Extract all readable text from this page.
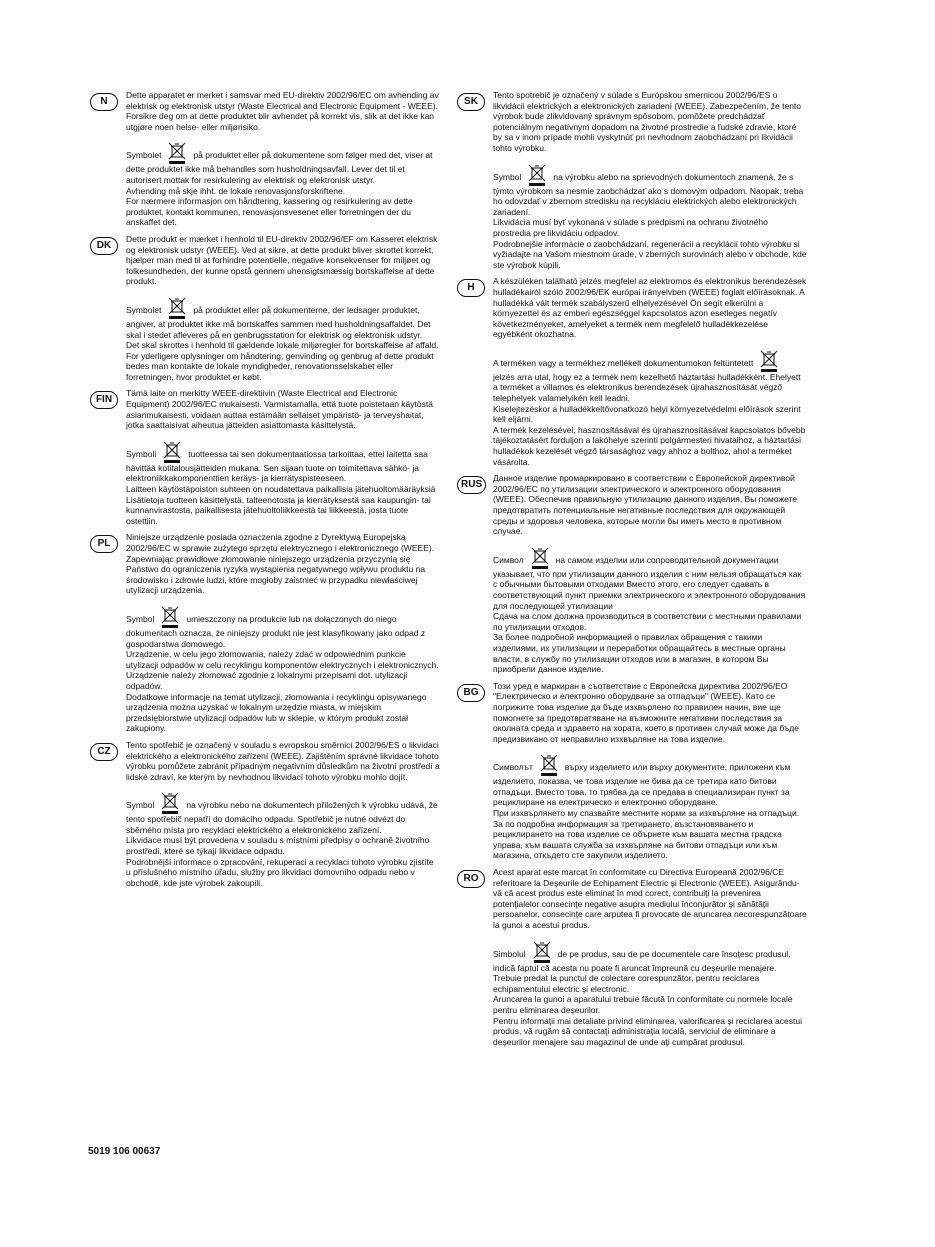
N

Dette apparatet er merket i samsvar med EU-direktiv 2002/96/EC om avhending av elektrisk og elektronisk utstyr (Waste Electrical and Electronic Equipment - WEEE). Forsikre deg om at dette produktet blir avhendet på korrekt vis, slik at det ikke kan utgjøre noen helse- eller miljørisiko.

Symbolet	på produktet eller på dokumentene som følger med det, viser at dette produktet ikke må behandles som husholdningsavfall. Lever det til et autorisert mottak for resirkulering av elektrisk og elektronisk utstyr.

Avhending må skje ihht. de lokale renovasjonsforskriftene.

For nærmere informasjon om håndtering, kassering og resirkulering av dette produktet, kontakt kommunen, renovasjonsvesenet eller forretningen der du anskaffet det.

DK

Dette produkt er mærket i henhold til EU-direktiv 2002/96/EF om Kasseret elektrisk og elektronisk udstyr (WEEE). Ved at sikre, at dette produkt bliver skrottet korrekt, hjælper man med til at forhindre potentielle, negative konsekvenser for miljøet og folkesundheden, der kunne opstå gennem uhensigtsmæssig bortskaffelse af dette produkt.

Symbolet	på produktet eller på dokumenterne, der ledsager produktet, angiver, at produktet ikke må bortskaffes sammen med husholdningsaffaldet. Det skal i stedet afleveres på en genbrugsstation for elektrisk og elektronisk udstyr.

Det skal skrottes i henhold til gældende lokale miljøregler for bortskaffelse af affald.

For yderligere oplysninger om håndtering, genvinding og genbrug af dette produkt bedes man kontakte de lokale myndigheder, renovationsselskabet eller forretningen, hvor produktet er købt.

FIN

Tämä laite on merkitty WEEE-direktiivin (Waste Electrical and Electronic Equipment) 2002/96/EC mukaisesti. Varmistamalla, että tuote poistetaan käytöstä asianmukaisesti, voidaan auttaa estämään sellaiset ympäristö- ja terveyshaitat, jotka saattaisivat aiheutua jätteiden asiattomasta käsittelystä.

Symboli	tuotteessa tai sen dokumentaatiossa tarkoittaa, ettei laitetta saa hävittää kotitalousjätteiden mukana. Sen sijaan tuote on toimitettava sähkö- ja elektroniikkakomponenttien keräys- ja kierrätyspisteeseen.

Laitteen käytöstäpoiston suhteen on noudatettava paikallisia jätehuoltomääräyksiä

Lisätietoja tuotteen käsittelystä, talteenotosta ja kierrätyksestä saa kaupungin- tai kunnanvirastosta, paikallisesta jätehuoltoliikkeestä tai liikkeestä, josta tuote ostettiin.

PL

Niniejsze urządzenie posiada oznaczenia zgodne z Dyrektywą Europejską 2002/96/EC w sprawie zużytego sprzętu elektrycznego i elektronicznego (WEEE). Zapewniając prawidłowe złomowanie niniejszego urządzenia przyczynią się Państwo do ograniczenia ryzyka wystąpienia negatywnego wpływu produktu na środowisko i zdrowie ludzi, które mogłoby zaistnieć w przypadku niewłaściwej utylizacji urządzenia.

Symbol	umieszczony na produkcie lub na dołączonych do niego dokumentach oznacza, że niniejszy produkt nie jest klasyfikowany jako odpad z gospodarstwa domowego.

Urządzenie, w celu jego złomowania, należy zdać w odpowiednim punkcie utylizacji odpadów w celu recyklingu komponentów elektrycznych i elektronicznych.

Urządzenie należy złomować zgodnie z lokalnymi przepisami dot. utylizacji odpadów.

Dodatkowe informacje na temat utylizacji, złomowania i recyklingu opisywanego urządzenia można uzyskać w lokalnym urzędzie miasta, w miejskim przedsiębiorstwie utylizacji odpadów lub w sklepie, w którym produkt został zakupiony.

CZ

Tento spotřebič je označený v souladu s evropskou směrnicí 2002/96/ES o likvidaci elektrického a elektronického zařízení (WEEE). Zajištěním správné likvidace tohoto výrobku pomůžete zabránit případným negativním důsledkům na životní prostředí a lidské zdraví, ke kterým by nevhodnou likvidací tohoto výrobku mohlo dojít.

Symbol	na výrobku nebo na dokumentech přiložených k výrobku udává, že tento spotřebič nepatří do domácího odpadu. Spotřebič je nutné odvézt do sběrného místa pro recyklaci elektrického a elektronického zařízení.

Likvidace musí být provedena v souladu s místními předpisy o ochraně životního prostředí, které se týkají likvidace odpadu.

Podrobnější informace o zpracování, rekuperaci a recyklaci tohoto výrobku zjistíte u příslušného místního úřadu, služby pro likvidaci domovního odpadu nebo v obchodě, kde jste výrobek zakoupili.

SK

Tento spotrebič je označený v súlade s Európskou smernicou 2002/96/ES o likvidácii elektrických a elektronických zariadení (WEEE). Zabezpečením, že tento výrobok bude zlikvidovaný správnym spôsobom, pomôžete predchádzať potenciálnym negatívnym dopadom na životné prostredie a ľudské zdravie, ktoré by sa v inom prípade mohli vyskytnúť pri nevhodnom zaobchádzaní pri likvidácii tohto výrobku.

Symbol	na výrobku alebo na sprievodných dokumentoch znamená, že s týmto výrobkom sa nesmie zaobchádzať ako s domovým odpadom. Naopak, treba ho odovzdať v zbernom stredisku na recykláciu elektrických alebo elektronických zariadení.

Likvidácia musí byť vykonaná v súlade s predpismi na ochranu životného prostredia pre likvidáciu odpadov.

Podrobnejšie informácie o zaobchádzaní, regenerácii a recyklácii tohto výrobku si vyžiadajte na Vašom miestnom úrade, v zberných surovinách alebo v obchode, kde ste výrobok kúpili.

H

A készüléken található jelzés megfelel az elektromos és elektronikus berendezések hulladékairól szóló 2002/96/EK európai irányelvben (WEEE) foglalt előírásoknak. A hulladékká vált termék szabályszerű elhelyezésével Ön segít elkerülni a környezettel és az emberi egészséggel kapcsolatos azon esetleges negatív következményeket, amelyeket a termék nem megfelelő hulladékkezelése egyébként okozhatna.

A terméken vagy a termékhez mellékelt dokumentumokon feltüntetettjelzés arra utal, hogy ez a termék nem kezelhető háztartási hulladékként. Ehelyett a terméket a villamos és elektronikus berendezések újrahasznosítását végző telephelyek valamelyikén kell leadni.

Kiselejtezéskor a hulladékkeltővonatkozó helyi környezetvédelmi előírások szerint kell eljárni.

A termék kezelésével, hasznosításával és újrahasznosításával kapcsolatos bővebb tájékoztatásért forduljon a lakóhelye szerinti polgármesteri hivatalhoz, a háztartási hulladékok kezelését végző társasághoz vagy ahhoz a bolthoz, ahol a terméket vásárolta.

RUS

Данное изделие промаркировано в соответствии с Европейской директивой 2002/96/ЕС по утилизации электрического и электронного оборудования (WEEE). Обеспечив правильную утилизацию данного изделия, Вы поможете предотвратить потенциальные негативные последствия для окружающей среды и здоровья человека, которые могли бы иметь место в противном случае.

Символ	на самом изделии или сопроводительной документации указывает, что при утилизации данного изделия с ним нельзя обращаться как с обычными бытовыми отходами Вместо этого, его следует сдавать в соответствующий пункт приемки электрического и электронного оборудования для последующей утилизации

Сдача на слом должна производиться в соответствии с местными правилами по утилизации отходов.

За более подробной информацией о правилах обращения с такими изделиями, их утилизации и переработки обращайтесь в местные органы власти, в службу по утилизации отходов или в магазин, в котором Вы приобрели данное изделие.

BG

Този уред е маркиран в съответствие с Европейска директива 2002/96/ЕО "Електрическо и електронно оборудване за отпадъци" (WEEE). Като се погрижите това изделие да бъде изхвърлено по правилен начин, вие ще помогнете за предотвратяване на възможните негативни последствия за околната среда и здравето на хората, което в противен случай може да бъде предизвикано от неправилно изхвърляне на това изделие.

Символът	върху изделието или върху документите, приложени към изделието, показва, че това изделие не бива да се третира като битови отпадъци. Вместо това, то трябва да се предава в специализиран пункт за рециклиране на електрическо и електронно оборудване.

При изхвърлянето му спазвайте местните норми за изхвърляне на отпадъци.

За по подробна информация за третирането, възстановяването и рециклирането на това изделие се обърнете към вашата местна градска управа, към вашата служба за изхвърляне на битови отпадъци или към магазина, откъдето сте закупили изделието.

RO

Acest aparat este marcat în conformitate cu Directiva Europeană 2002/96/CE referitoare la Deşeurile de Echipament Electric şi Electronic (WEEE). Asigurându-vă că acest produs este eliminat în mod corect, contribuiţi la prevenirea potenţialelor consecinţe negative asupra mediului înconjurător şi sănătăţii persoanelor, consecinţe care arputea fi provocate de aruncarea necorespunzătoare la gunoi a acestui produs.

Simbolul	de pe produs, sau de pe documentele care însoţesc produsul, indică faptul că acesta nu poate fi aruncat împreună cu deşeurile menajere. Trebuie predat la punctul de colectare corespunzător, pentru reciclarea echipamentului electric şi electronic.

Aruncarea la gunoi a aparatului trebuie făcută în conformitate cu normele locale pentru eliminarea deşeurilor.

Pentru informaţii mai detaliate privind eliminarea, valorificarea şi reciclarea acestui produs, vă rugăm să contactaţi administraţia locală, serviciul de eliminare a deşeurilor menajere sau magazinul de unde aţi cumpărat produsul.

5019 106 00637
